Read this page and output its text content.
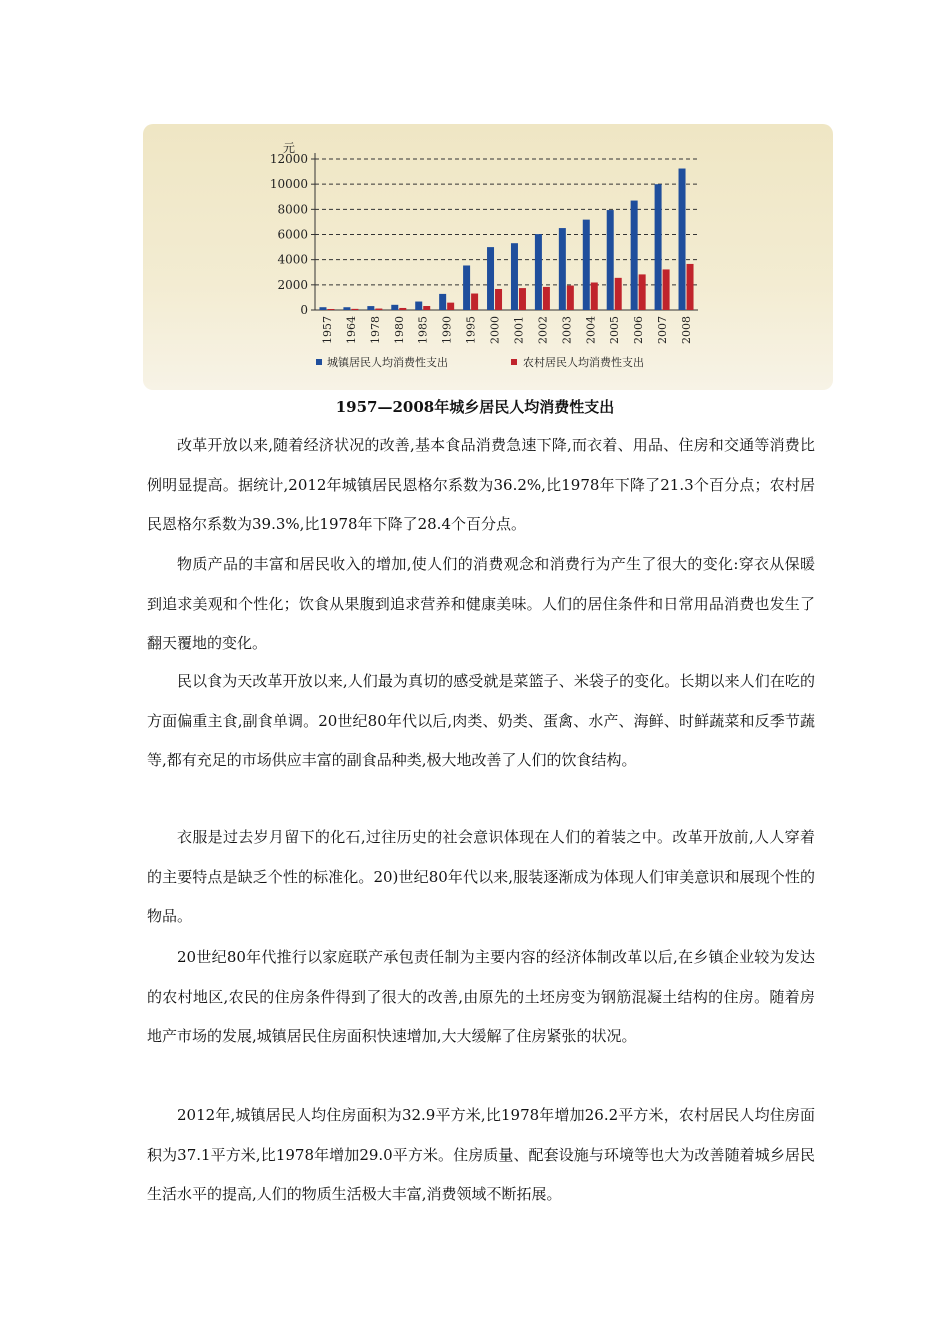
元
0
2000
4000
6000
8000
10000
12000
1957 1964 1978 1980 1985 1990 1995 2000 2001 2002 2003 2004 2005 2006 2007 2008
城镇居民人均消费性支出	农村居民人均消费性支出
1957—2008年城乡居民人均消费性支出

改革开放以来,随着经济状况的改善,基本食品消费急速下降,而衣着、用品、住房和交通等消费比例明显提高。据统计,2012年城镇居民恩格尔系数为36.2%,比1978年下降了21.3个百分点；农村居民恩格尔系数为39.3%,比1978年下降了28.4个百分点。

物质产品的丰富和居民收入的增加,使人们的消费观念和消费行为产生了很大的变化:穿衣从保暖到追求美观和个性化；饮食从果腹到追求营养和健康美味。人们的居住条件和日常用品消费也发生了翻天覆地的变化。

民以食为天改革开放以来,人们最为真切的感受就是菜篮子、米袋子的变化。长期以来人们在吃的方面偏重主食,副食单调。20世纪80年代以后,肉类、奶类、蛋禽、水产、海鲜、时鲜蔬菜和反季节蔬等,都有充足的市场供应丰富的副食品种类,极大地改善了人们的饮食结构。

衣服是过去岁月留下的化石,过往历史的社会意识体现在人们的着装之中。改革开放前,人人穿着的主要特点是缺乏个性的标准化。20)世纪80年代以来,服装逐渐成为体现人们审美意识和展现个性的物品。

20世纪80年代推行以家庭联产承包责任制为主要内容的经济体制改革以后,在乡镇企业较为发达的农村地区,农民的住房条件得到了很大的改善,由原先的土坯房变为钢筋混凝土结构的住房。随着房地产市场的发展,城镇居民住房面积快速增加,大大缓解了住房紧张的状况。

2012年,城镇居民人均住房面积为32.9平方米,比1978年增加26.2平方米，农村居民人均住房面积为37.1平方米,比1978年增加29.0平方米。住房质量、配套设施与环境等也大为改善随着城乡居民生活水平的提高,人们的物质生活极大丰富,消费领域不断拓展。
